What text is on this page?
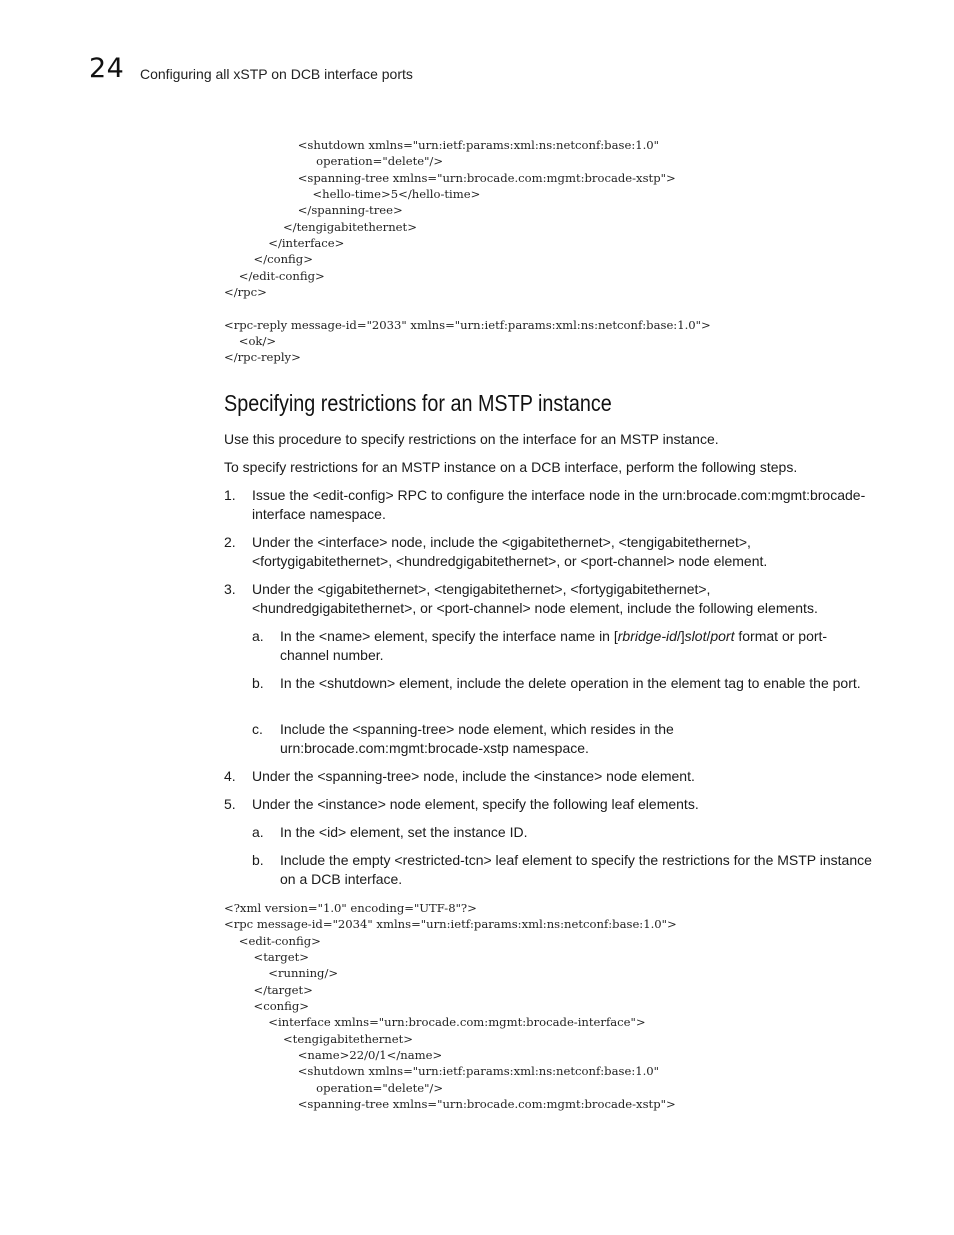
24 Configuring all xSTP on DCB interface ports
<shutdown xmlns="urn:ietf:params:xml:ns:netconf:base:1.0"
operation="delete"/>
<spanning-tree xmlns="urn:brocade.com:mgmt:brocade-xstp">
<hello-time>5</hello-time>
</spanning-tree>
</tengigabitethernet>
</interface>
</config>
</edit-config>
</rpc>

<rpc-reply message-id="2033" xmlns="urn:ietf:params:xml:ns:netconf:base:1.0">
<ok/>
</rpc-reply>
Specifying restrictions for an MSTP instance

Use this procedure to specify restrictions on the interface for an MSTP instance.

To specify restrictions for an MSTP instance on a DCB interface, perform the following steps.

1. Issue the <edit-config> RPC to configure the interface node in the urn:brocade.com:mgmt:brocade-interface namespace.
2. Under the <interface> node, include the <gigabitethernet>, <tengigabitethernet>, <fortygigabitethernet>, <hundredgigabitethernet>, or <port-channel> node element.
3. Under the <gigabitethernet>, <tengigabitethernet>, <fortygigabitethernet>, <hundredgigabitethernet>, or <port-channel> node element, include the following elements.
a. In the <name> element, specify the interface name in [rbridge-id/]slot/port format or port-channel number.
b. In the <shutdown> element, include the delete operation in the element tag to enable the port.
c. Include the <spanning-tree> node element, which resides in the urn:brocade.com:mgmt:brocade-xstp namespace.
4. Under the <spanning-tree> node, include the <instance> node element.
5. Under the <instance> node element, specify the following leaf elements.
a. In the <id> element, set the instance ID.
b. Include the empty <restricted-tcn> leaf element to specify the restrictions for the MSTP instance on a DCB interface.
<?xml version="1.0" encoding="UTF-8"?>
<rpc message-id="2034" xmlns="urn:ietf:params:xml:ns:netconf:base:1.0">
<edit-config>
<target>
<running/>
</target>
<config>
<interface xmlns="urn:brocade.com:mgmt:brocade-interface">
<tengigabitethernet>
<name>22/0/1</name>
<shutdown xmlns="urn:ietf:params:xml:ns:netconf:base:1.0"
operation="delete"/>
<spanning-tree xmlns="urn:brocade.com:mgmt:brocade-xstp">
